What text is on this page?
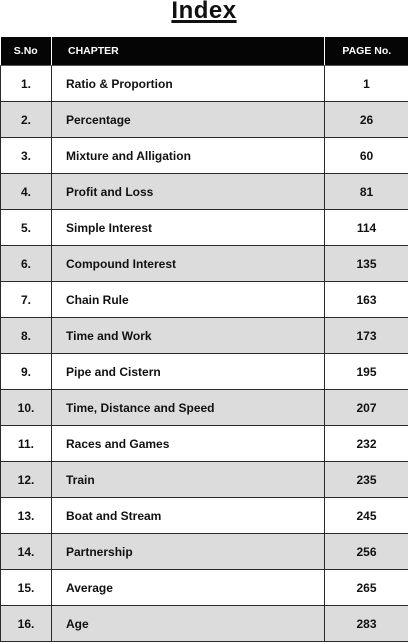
Index
S.No	CHAPTER	PAGE No.
1.	Ratio & Proportion	1
2.	Percentage	26
3.	Mixture and Alligation	60
4.	Profit and Loss	81
5.	Simple Interest	114
6.	Compound Interest	135
7.	Chain Rule	163
8.	Time and Work	173
9.	Pipe and Cistern	195
10.	Time, Distance and Speed	207
11.	Races and Games	232
12.	Train	235
13.	Boat and Stream	245
14.	Partnership	256
15.	Average	265
16.	Age	283
